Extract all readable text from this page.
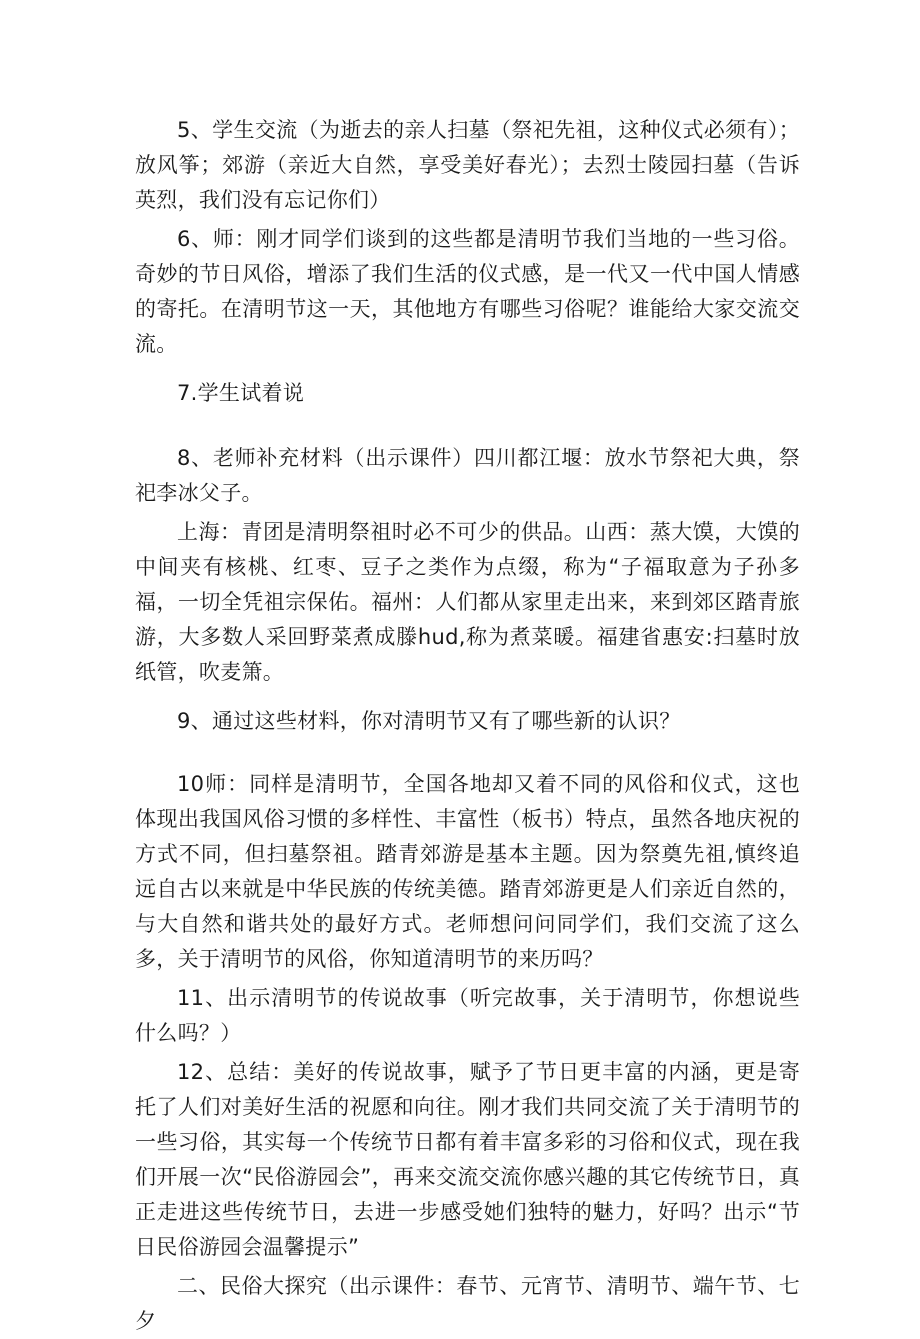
5、学生交流（为逝去的亲人扫墓（祭祀先祖，这种仪式必须有）；放风筝；郊游（亲近大自然，享受美好春光）；去烈士陵园扫墓（告诉英烈，我们没有忘记你们）

6、师：刚才同学们谈到的这些都是清明节我们当地的一些习俗。奇妙的节日风俗，增添了我们生活的仪式感，是一代又一代中国人情感的寄托。在清明节这一天，其他地方有哪些习俗呢？谁能给大家交流交流。

7.学生试着说

8、老师补充材料（出示课件）四川都江堰：放水节祭祀大典，祭祀李冰父子。

上海：青团是清明祭祖时必不可少的供品。山西：蒸大馍，大馍的中间夹有核桃、红枣、豆子之类作为点缀，称为“子福取意为子孙多福，一切全凭祖宗保佑。福州：人们都从家里走出来，来到郊区踏青旅游，大多数人采回野菜煮成滕hud,称为煮菜暖。福建省惠安:扫墓时放纸管，吹麦箫。

9、通过这些材料，你对清明节又有了哪些新的认识？

10师：同样是清明节，全国各地却又着不同的风俗和仪式，这也体现出我国风俗习惯的多样性、丰富性（板书）特点，虽然各地庆祝的方式不同，但扫墓祭祖。踏青郊游是基本主题。因为祭奠先祖,慎终追远自古以来就是中华民族的传统美德。踏青郊游更是人们亲近自然的，与大自然和谐共处的最好方式。老师想问问同学们，我们交流了这么多，关于清明节的风俗，你知道清明节的来历吗？

11、出示清明节的传说故事（听完故事，关于清明节，你想说些什么吗？）

12、总结：美好的传说故事，赋予了节日更丰富的内涵，更是寄托了人们对美好生活的祝愿和向往。刚才我们共同交流了关于清明节的一些习俗，其实每一个传统节日都有着丰富多彩的习俗和仪式，现在我们开展一次“民俗游园会”，再来交流交流你感兴趣的其它传统节日，真正走进这些传统节日，去进一步感受她们独特的魅力，好吗？出示“节日民俗游园会温馨提示”

二、民俗大探究（出示课件：春节、元宵节、清明节、端午节、七夕
